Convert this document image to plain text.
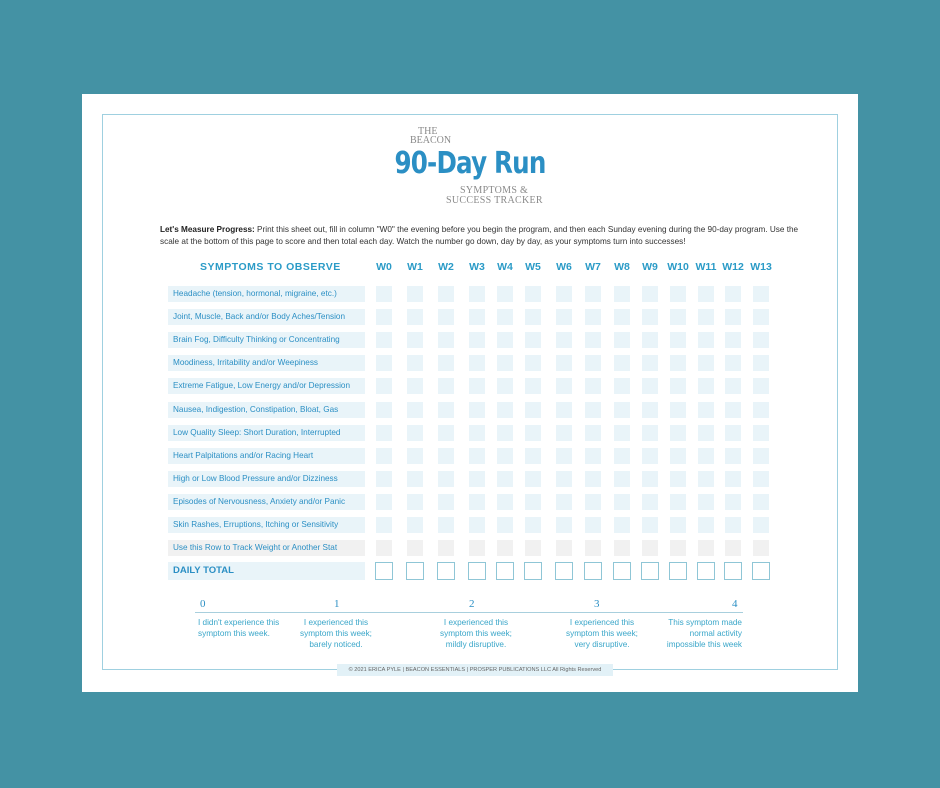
THE
BEACON
90-Day Run
SYMPTOMS &
SUCCESS TRACKER
Let's Measure Progress: Print this sheet out, fill in column "W0" the evening before you begin the program, and then each Sunday evening during the 90-day program. Use the scale at the bottom of this page to score and then total each day. Watch the number go down, day by day, as your symptoms turn into successes!
SYMPTOMS TO OBSERVE	W0	W1	W2	W3	W4	W5	W6	W7	W8	W9 W10 W11 W12 W13
Headache (tension, hormonal, migraine, etc.)
Joint, Muscle, Back and/or Body Aches/Tension
Brain Fog, Difficulty Thinking or Concentrating
Moodiness, Irritability and/or Weepiness
Extreme Fatigue, Low Energy and/or Depression
Nausea, Indigestion, Constipation, Bloat, Gas
Low Quality Sleep: Short Duration, Interrupted
Heart Palpitations and/or Racing Heart
High or Low Blood Pressure and/or Dizziness
Episodes of Nervousness, Anxiety and/or Panic
Skin Rashes, Erruptions, Itching or Sensitivity
Use this Row to Track Weight or Another Stat
DAILY TOTAL
0
I didn't experience this symptom this week.
1
I experienced this symptom this week; barely noticed.
2
I experienced this symptom this week; mildly disruptive.
3
I experienced this symptom this week; very disruptive.
4
This symptom made normal activity impossible this week
© 2021 ERICA PYLE | BEACON ESSENTIALS | PROSPER PUBLICATIONS LLC All Rights Reserved
